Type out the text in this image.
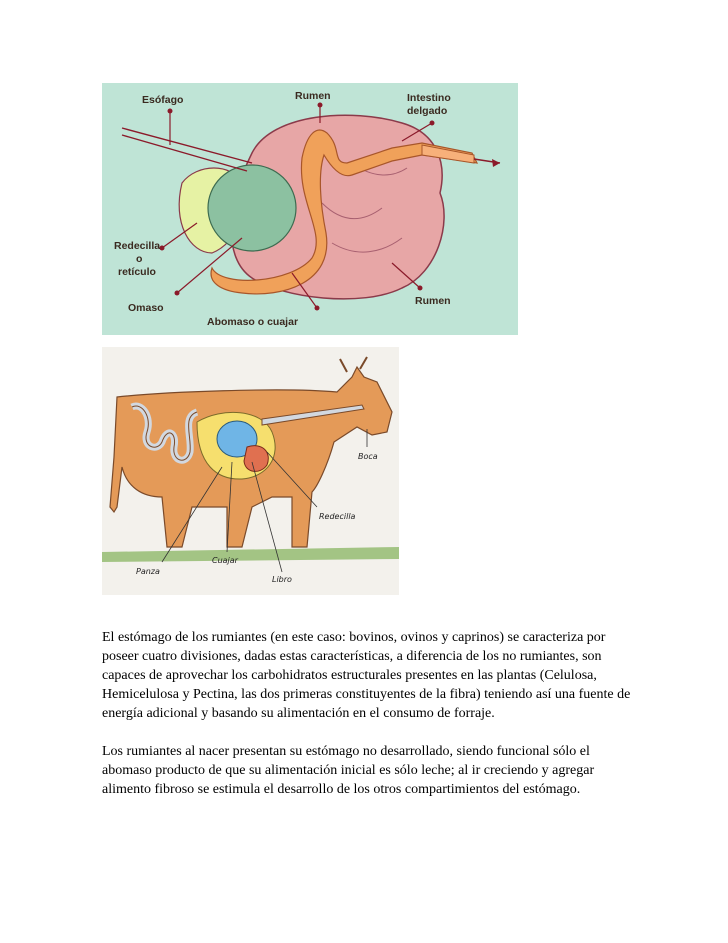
Esófago	Rumen	Intestino
delgado
Redecilla
o
retículo
Omaso
Abomaso o cuajar
Rumen
Boca
Redecilla
Panza
Cuajar
Libro

El estómago de los rumiantes (en este caso: bovinos, ovinos y caprinos) se caracteriza por poseer cuatro divisiones, dadas estas características, a diferencia de los no rumiantes, son capaces de aprovechar los carbohidratos estructurales presentes en las plantas (Celulosa, Hemicelulosa y Pectina, las dos primeras constituyentes de la fibra) teniendo así una fuente de energía adicional y basando su alimentación en el consumo de forraje.

Los rumiantes al nacer presentan su estómago no desarrollado, siendo funcional sólo el abomaso producto de que su alimentación inicial es sólo leche; al ir creciendo y agregar alimento fibroso se estimula el desarrollo de los otros compartimientos del estómago.
